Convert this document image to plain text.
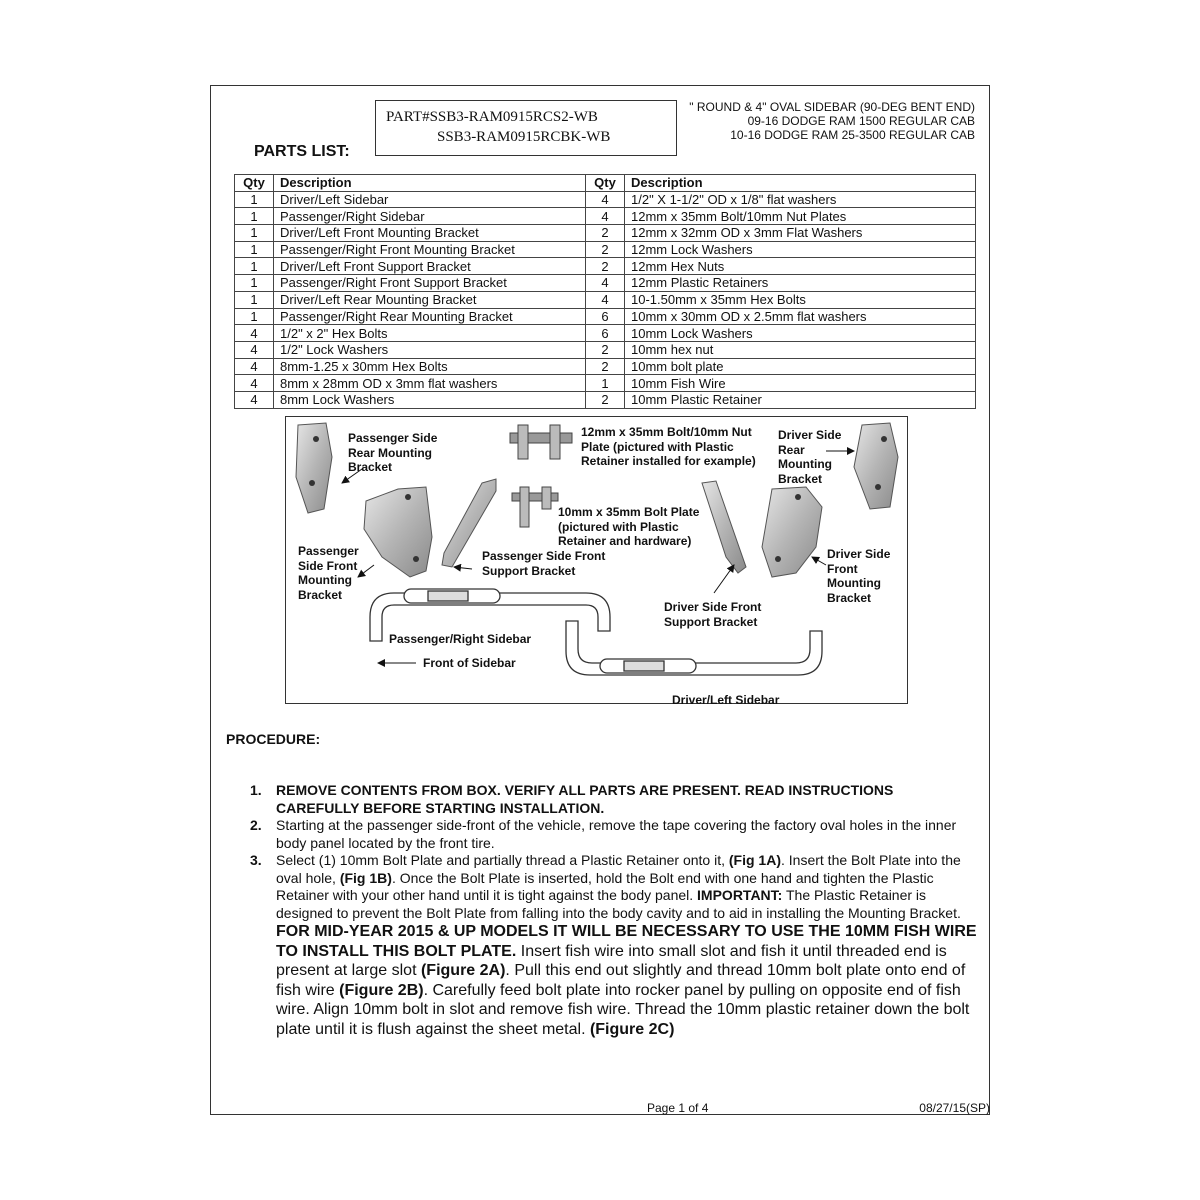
PART#SSB3-RAM0915RCS2-WB
SSB3-RAM0915RCBK-WB
" ROUND & 4" OVAL SIDEBAR (90-DEG BENT END)
09-16 DODGE RAM 1500 REGULAR CAB
10-16 DODGE RAM 25-3500 REGULAR CAB
PARTS LIST:
Qty	Description	Qty	Description
1	Driver/Left Sidebar	4	1/2" X 1-1/2" OD x 1/8" flat washers
1	Passenger/Right Sidebar	4	12mm x 35mm Bolt/10mm Nut Plates
1	Driver/Left Front Mounting Bracket	2	12mm x 32mm OD x 3mm Flat Washers
1	Passenger/Right Front Mounting Bracket	2	12mm Lock Washers
1	Driver/Left Front Support Bracket	2	12mm Hex Nuts
1	Passenger/Right Front Support Bracket	4	12mm Plastic Retainers
1	Driver/Left Rear Mounting Bracket	4	10-1.50mm x 35mm Hex Bolts
1	Passenger/Right Rear Mounting Bracket	6	10mm x 30mm OD x 2.5mm flat washers
4	1/2" x 2" Hex Bolts	6	10mm Lock Washers
4	1/2" Lock Washers	2	10mm hex nut
4	8mm-1.25 x 30mm Hex Bolts	2	10mm bolt plate
4	8mm x 28mm OD x 3mm flat washers	1	10mm Fish Wire
4	8mm Lock Washers	2	10mm Plastic Retainer
Passenger Side
Rear Mounting
Bracket
12mm x 35mm Bolt/10mm Nut
Plate (pictured with Plastic
Retainer installed for example)
Driver Side
Rear
Mounting
Bracket
10mm x 35mm Bolt Plate
(pictured with Plastic
Retainer and hardware)
Passenger
Side Front
Mounting
Bracket
Passenger Side Front
Support Bracket
Driver Side
Front
Mounting
Bracket
Driver Side Front
Support Bracket
Passenger/Right Sidebar
Front of Sidebar
Driver/Left Sidebar
PROCEDURE:
1. REMOVE CONTENTS FROM BOX. VERIFY ALL PARTS ARE PRESENT. READ INSTRUCTIONS CAREFULLY BEFORE STARTING INSTALLATION.
2. Starting at the passenger side-front of the vehicle, remove the tape covering the factory oval holes in the inner body panel located by the front tire.
3. Select (1) 10mm Bolt Plate and partially thread a Plastic Retainer onto it, (Fig 1A). Insert the Bolt Plate into the oval hole, (Fig 1B). Once the Bolt Plate is inserted, hold the Bolt end with one hand and tighten the Plastic Retainer with your other hand until it is tight against the body panel. IMPORTANT: The Plastic Retainer is designed to prevent the Bolt Plate from falling into the body cavity and to aid in installing the Mounting Bracket.
FOR MID-YEAR 2015 & UP MODELS IT WILL BE NECESSARY TO USE THE 10MM FISH WIRE TO INSTALL THIS BOLT PLATE. Insert fish wire into small slot and fish it until threaded end is present at large slot (Figure 2A). Pull this end out slightly and thread 10mm bolt plate onto end of fish wire (Figure 2B). Carefully feed bolt plate into rocker panel by pulling on opposite end of fish wire. Align 10mm bolt in slot and remove fish wire. Thread the 10mm plastic retainer down the bolt plate until it is flush against the sheet metal. (Figure 2C)
Page 1 of 4	08/27/15(SP)
